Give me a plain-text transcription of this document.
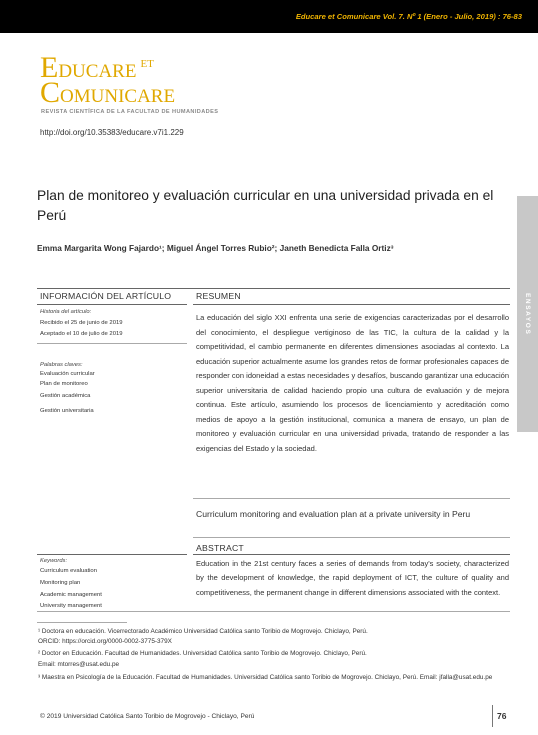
Educare et Comunicare Vol. 7. Nº 1 (Enero - Julio, 2019) : 76-83
EDUCARE $^{ET}$
COMUNICARE
REVISTA CIENTÍFICA DE LA FACULTAD DE HUMANIDADES
http://doi.org/10.35383/educare.v7i1.229
ENSAYOS
Plan de monitoreo y evaluación curricular en una universidad privada en el Perú
Emma Margarita Wong Fajardo¹; Miguel Ángel Torres Rubio²; Janeth Benedicta Falla Ortiz³
INFORMACIÓN DEL ARTÍCULO	RESUMEN
Historia del artículo:
Recibido el 25 de junio de 2019
Aceptado el 10 de julio de 2019
Palabras claves:
Evaluación curricular
Plan de monitoreo
Gestión académica
Gestión universitaria
La educación del siglo XXI enfrenta una serie de exigencias caracterizadas por el desarrollo del conocimiento, el despliegue vertiginoso de las TIC, la cultura de la calidad y la competitividad, el cambio permanente en diferentes dimensiones asociadas al contexto. La educación superior actualmente asume los grandes retos de formar profesionales capaces de responder con idoneidad a estas necesidades y desafíos, buscando garantizar una educación superior universitaria de calidad haciendo propio una cultura de evaluación y de mejora continua. Este artículo, asumiendo los procesos de licenciamiento y acreditación como medios de apoyo a la gestión institucional, comunica a manera de ensayo, un plan de monitoreo y evaluación curricular en una universidad privada, tratando de responder a las exigencias del Estado y la sociedad.
Curriculum monitoring and evaluation plan at a private university in Peru
ABSTRACT
Keywords:
Curriculum evaluation
Monitoring plan
Academic management
University management
Education in the 21st century faces a series of demands from today's society, characterized by the development of knowledge, the rapid deployment of ICT, the culture of quality and competitiveness, the permanent change in different dimensions associated with the context.
¹ Doctora en educación. Vicerrectorado Académico Universidad Católica santo Toribio de Mogrovejo. Chiclayo, Perú.
ORCID: https://orcid.org/0000-0002-3775-379X
² Doctor en Educación. Facultad de Humanidades. Universidad Católica santo Toribio de Mogrovejo. Chiclayo, Perú.
Email: mtorres@usat.edu.pe
³ Maestra en Psicología de la Educación. Facultad de Humanidades. Universidad Católica santo Toribio de Mogrovejo. Chiclayo, Perú. Email: jfalla@usat.edu.pe
© 2019 Universidad Católica Santo Toribio de Mogrovejo - Chiclayo, Perú	76
